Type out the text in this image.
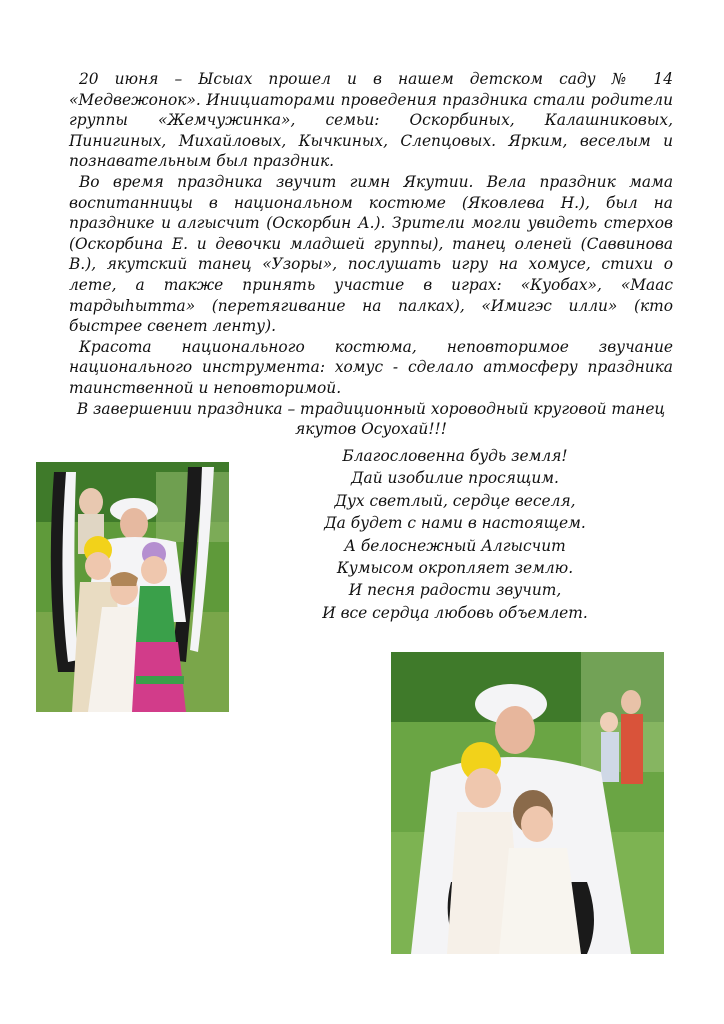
20 июня – Ысыах прошел и в нашем детском саду № 14 «Медвежонок». Инициаторами проведения праздника стали родители группы «Жемчужинка», семьи: Оскорбиных, Калашниковых, Пинигиных, Михайловых, Кычкиных, Слепцовых. Ярким, веселым и познавательным был праздник.

Во время праздника звучит гимн Якутии. Вела праздник мама воспитанницы в национальном костюме (Яковлева Н.), был на празднике и алгысчит (Оскорбин А.). Зрители могли увидеть стерхов (Оскорбина Е. и девочки младшей группы), танец оленей (Саввинова В.), якутский танец «Узоры», послушать игру на хомусе, стихи о лете, а также принять участие в играх: «Куобах», «Маас тардыһытта» (перетягивание на палках), «Имигэс илли» (кто быстрее свенет ленту).

Красота национального костюма, неповторимое звучание национального инструмента: хомус - сделало атмосферу праздника таинственной и неповторимой.

В завершении праздника – традиционный хороводный круговой танец якутов Осуохай!!!

Благословенна будь земля!
Дай изобилие просящим.
Дух светлый, сердце веселя,
Да будет с нами в настоящем.
А белоснежный Алгысчит
Кумысом окропляет землю.
И песня радости звучит,
И все сердца любовь объемлет.
